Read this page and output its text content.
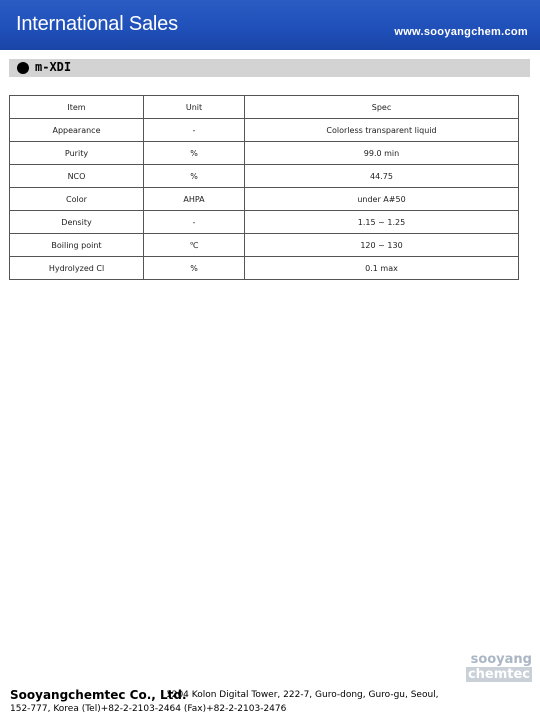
International Sales	www.sooyangchem.com
m-XDI
Item	Unit	Spec
Appearance	-	Colorless transparent liquid
Purity	%	99.0 min
NCO	%	44.75
Color	AHPA	under A#50
Density	-	1.15 ~ 1.25
Boiling point	℃	120 ~ 130
Hydrolyzed Cl	%	0.1 max
sooyang
chemtec
Sooyangchemtec Co., Ltd.
1204 Kolon Digital Tower, 222-7, Guro-dong, Guro-gu, Seoul,
152-777, Korea (Tel)+82-2-2103-2464 (Fax)+82-2-2103-2476
